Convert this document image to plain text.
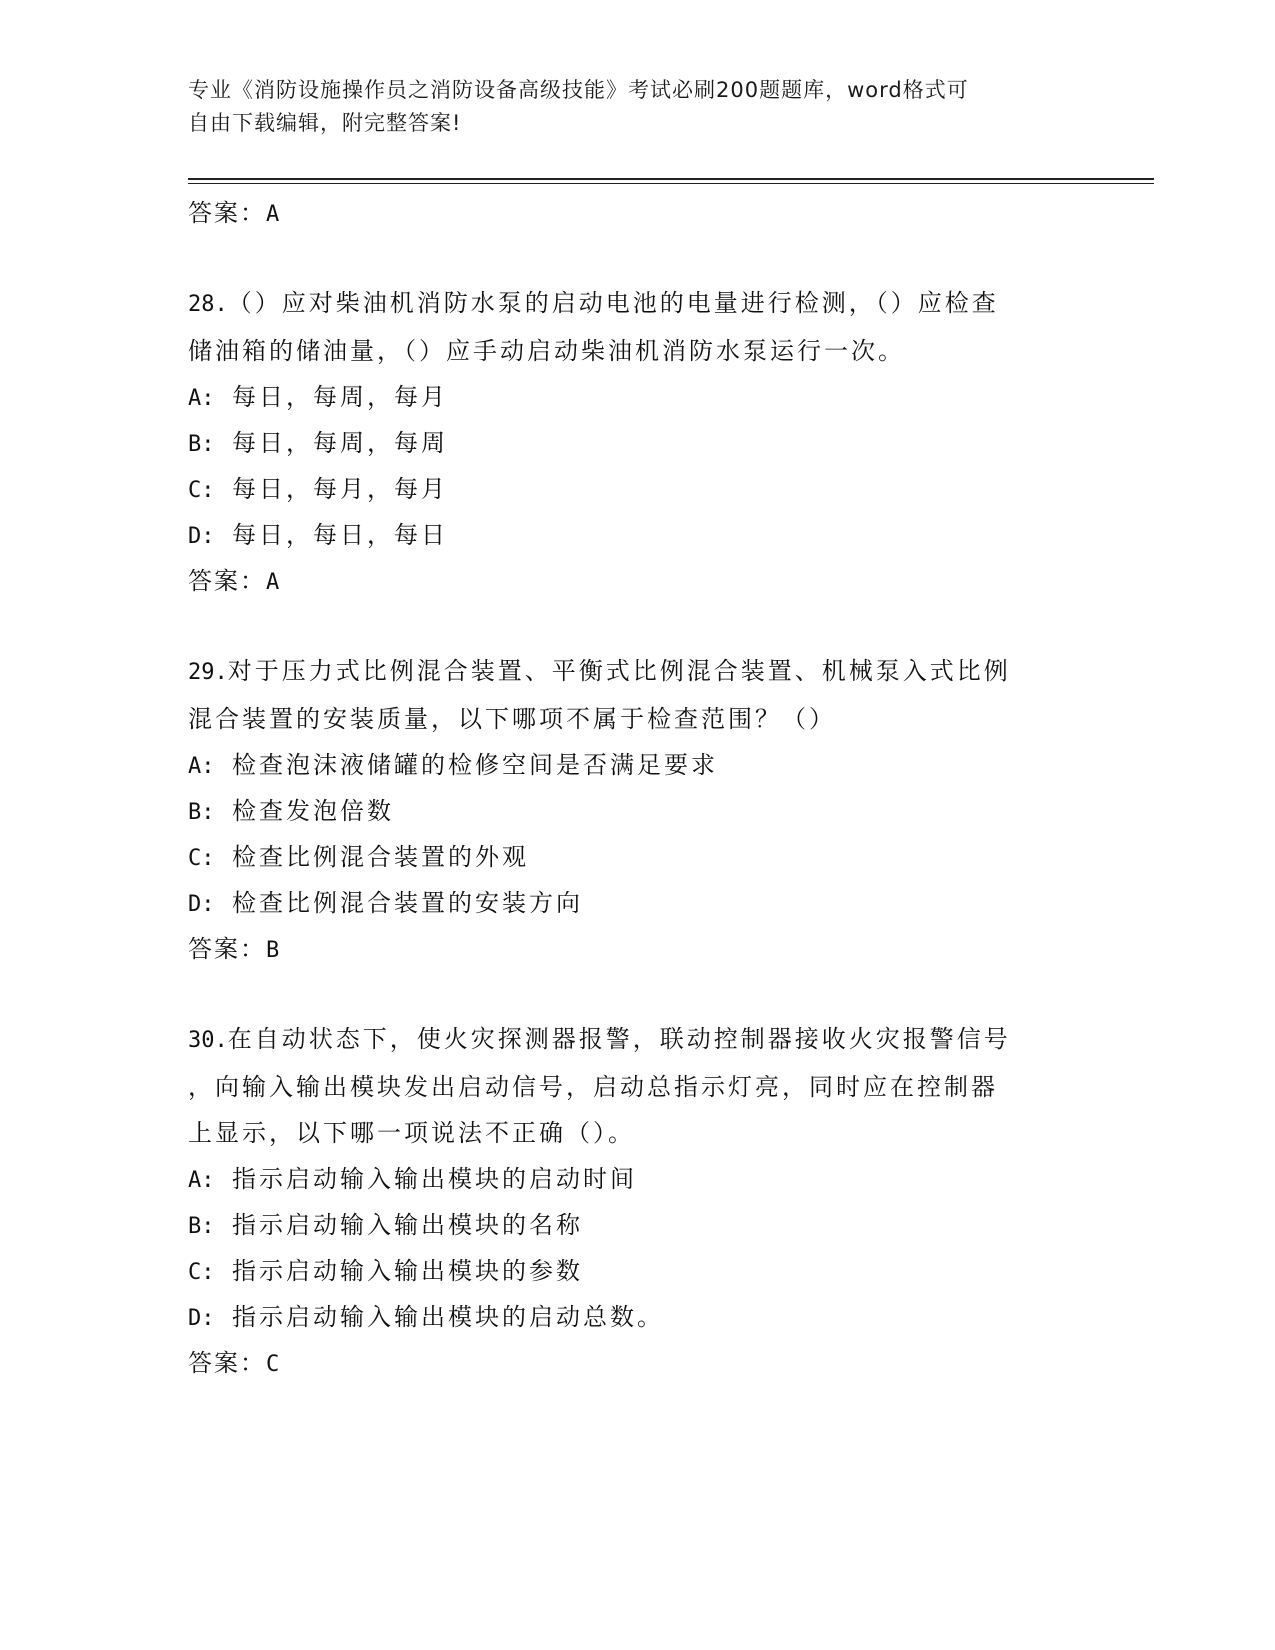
专业《消防设施操作员之消防设备高级技能》考试必刷200题题库，word格式可
自由下载编辑，附完整答案!
答案：A
28.（）应对柴油机消防水泵的启动电池的电量进行检测，（）应检查
储油箱的储油量，（）应手动启动柴油机消防水泵运行一次。
A: 每日，每周，每月
B: 每日，每周，每周
C: 每日，每月，每月
D: 每日，每日，每日
答案：A
29.对于压力式比例混合装置、平衡式比例混合装置、机械泵入式比例
混合装置的安装质量，以下哪项不属于检查范围？（）
A: 检查泡沫液储罐的检修空间是否满足要求
B: 检查发泡倍数
C: 检查比例混合装置的外观
D: 检查比例混合装置的安装方向
答案：B
30.在自动状态下，使火灾探测器报警，联动控制器接收火灾报警信号
，向输入输出模块发出启动信号，启动总指示灯亮，同时应在控制器
上显示，以下哪一项说法不正确（）。
A: 指示启动输入输出模块的启动时间
B: 指示启动输入输出模块的名称
C: 指示启动输入输出模块的参数
D: 指示启动输入输出模块的启动总数。
答案：C
